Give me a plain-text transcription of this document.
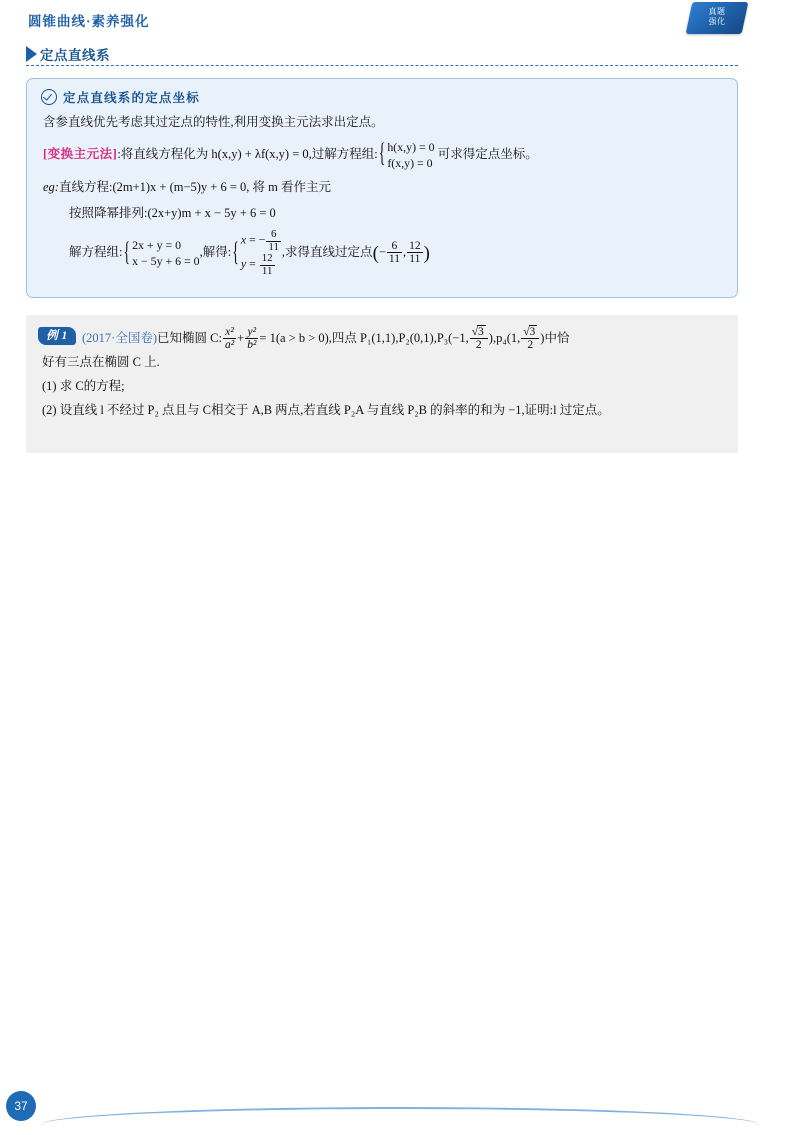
圆锥曲线·素养强化
真题
强化
定点直线系
定点直线系的定点坐标
含参直线优先考虑其过定点的特性,利用变换主元法求出定点。
[变换主元法]:将直线方程化为 h(x,y) + λf(x,y) = 0,过解方程组:{ h(x,y) = 0
f(x,y) = 0
可求得定点坐标。
eg:直线方程:(2m+1)x + (m−5)y + 6 = 0, 将 m 看作主元
按照降幂排列:(2x+y)m + x − 5y + 6 = 0
解方程组:{ 2x + y = 0
x − 5y + 6 = 0
,解得:{ x = − $\frac{6}{11}$
$y = \frac{12}{11}$
,求得直线过定点(− $\frac{6}{11}$ , $\frac{12}{11}$ )
例 1	(2017·全国卷)已知椭圆 C: $\frac{\text{x²}}{\text{a²}} + \frac{\text{y²}}{\text{b²}} = 1(a > b > 0)$,四点 P₁(1,1),P₂(0,1),P₃(−1, $\frac{√3}{2} ),p_4(1$, $\frac{√3}{2}$ )中恰
好有三点在椭圆 C 上.
(1) 求 C的方程;
(2) 设直线 l 不经过 P₂ 点且与 C相交于 A,B 两点,若直线 P₂A 与直线 P₂B 的斜率的和为 −1,证明:l 过定点。
37
